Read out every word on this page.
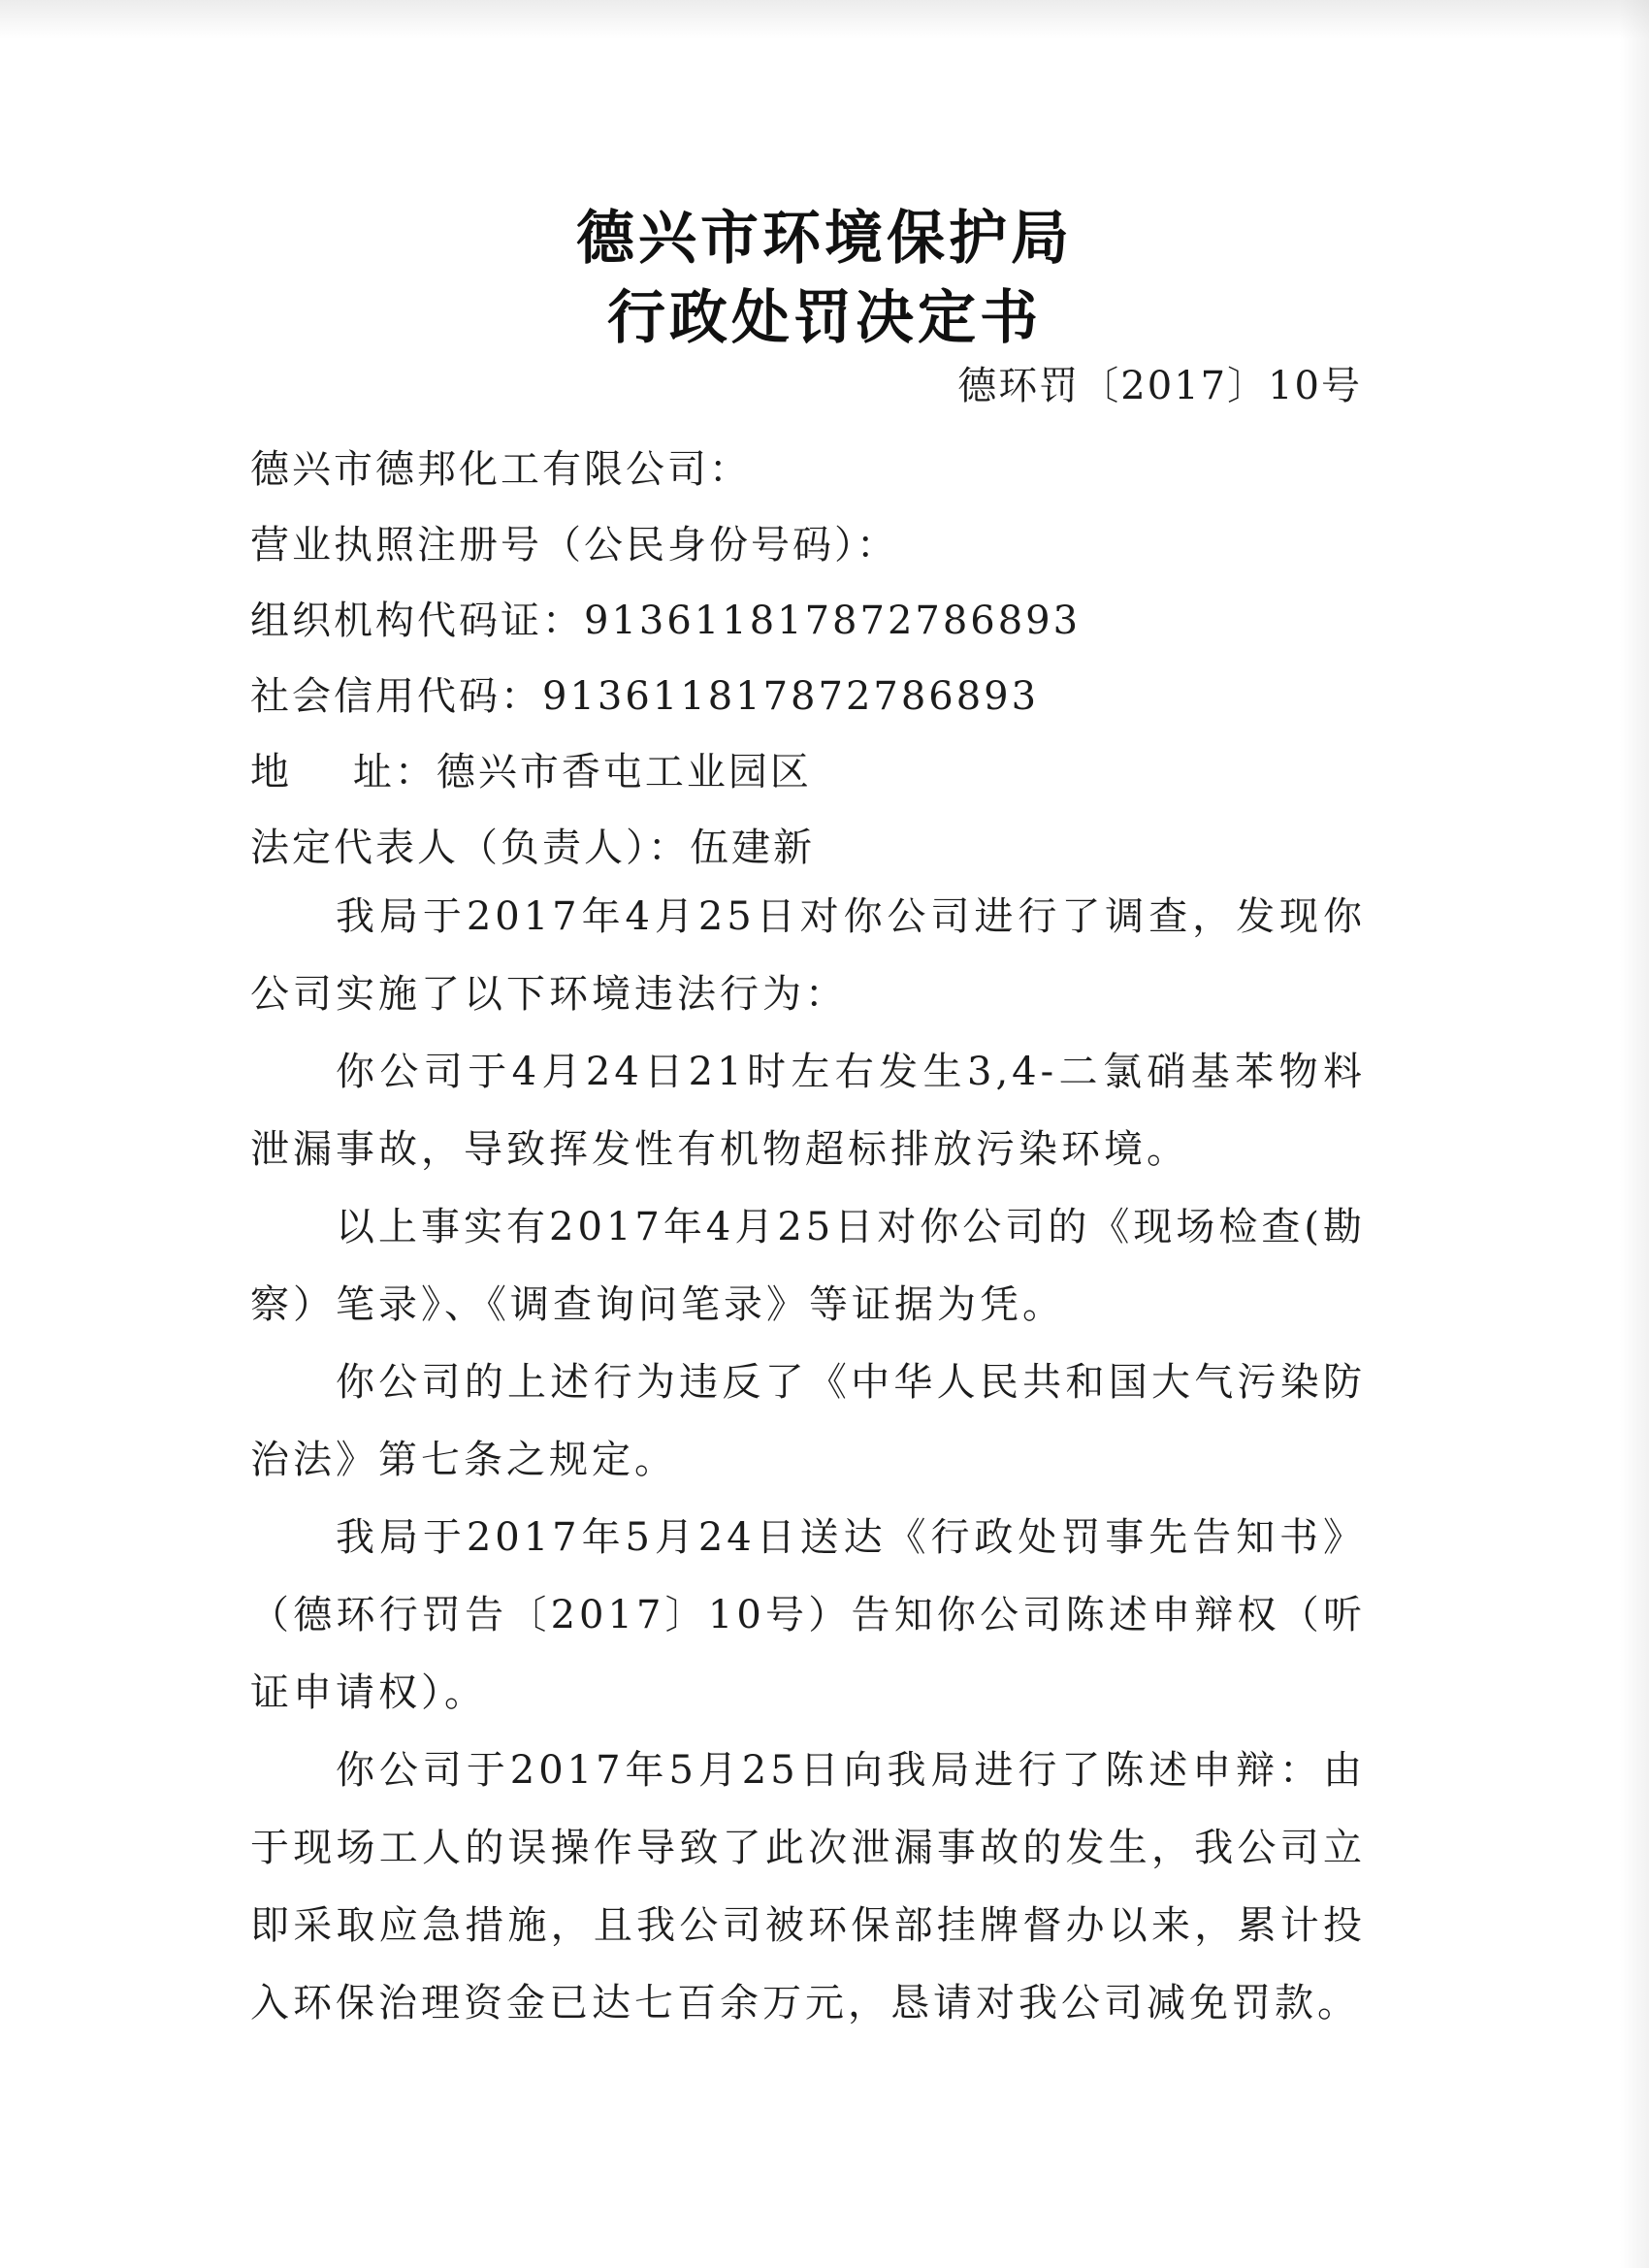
德兴市环境保护局
行政处罚决定书
德环罚〔2017〕10号
德兴市德邦化工有限公司：
营业执照注册号（公民身份号码）：
组织机构代码证：913611817872786893
社会信用代码：913611817872786893
地    址：德兴市香屯工业园区
法定代表人（负责人）：伍建新

我局于2017年4月25日对你公司进行了调查，发现你公司实施了以下环境违法行为：

你公司于4月24日21时左右发生3,4-二氯硝基苯物料泄漏事故，导致挥发性有机物超标排放污染环境。

以上事实有2017年4月25日对你公司的《现场检查(勘察）笔录》、《调查询问笔录》等证据为凭。

你公司的上述行为违反了《中华人民共和国大气污染防治法》第七条之规定。

我局于2017年5月24日送达《行政处罚事先告知书》（德环行罚告〔2017〕10号）告知你公司陈述申辩权（听证申请权）。

你公司于2017年5月25日向我局进行了陈述申辩：由于现场工人的误操作导致了此次泄漏事故的发生，我公司立即采取应急措施，且我公司被环保部挂牌督办以来，累计投入环保治理资金已达七百余万元，恳请对我公司减免罚款。
